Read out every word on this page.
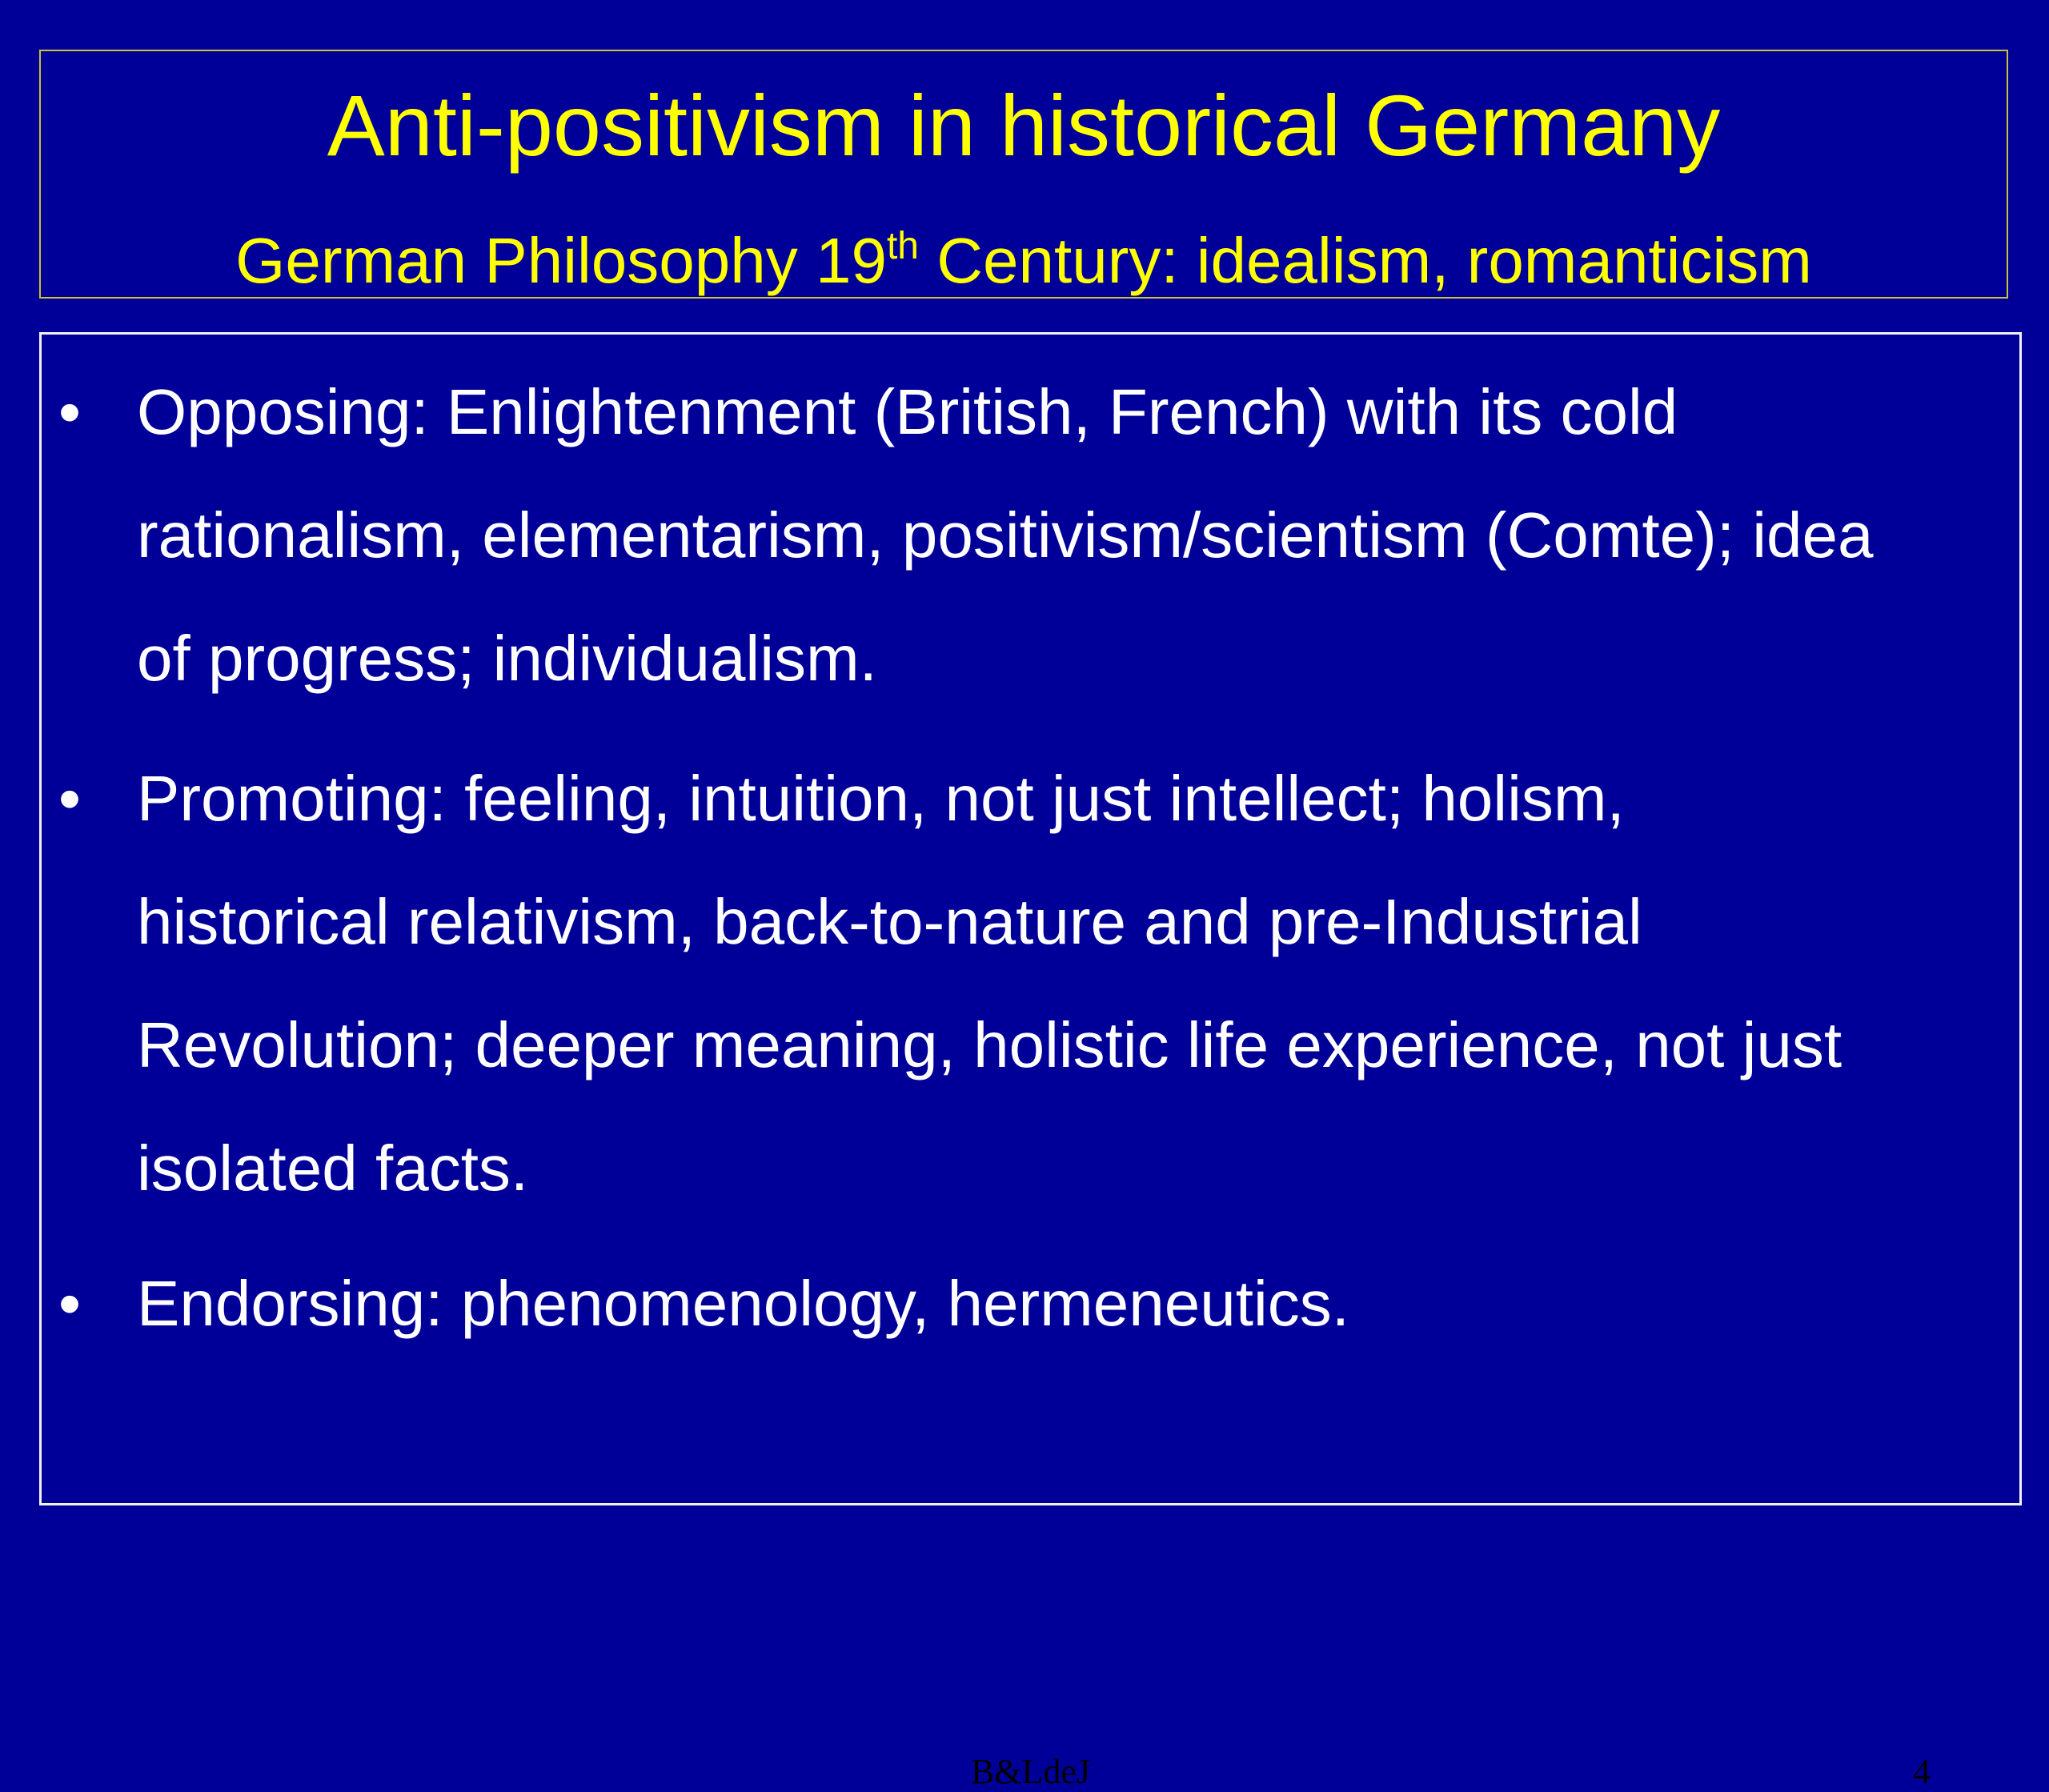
Anti-positivism in historical Germany
German Philosophy 19th Century: idealism, romanticism
B&LdeJ	4
• Opposing: Enlightenment (British, French) with its cold
rationalism, elementarism, positivism/scientism (Comte); idea
of progress; individualism.
• Promoting: feeling, intuition, not just intellect; holism,
historical relativism, back-to-nature and pre-Industrial
Revolution; deeper meaning, holistic life experience, not just
isolated facts.
• Endorsing: phenomenology, hermeneutics.
